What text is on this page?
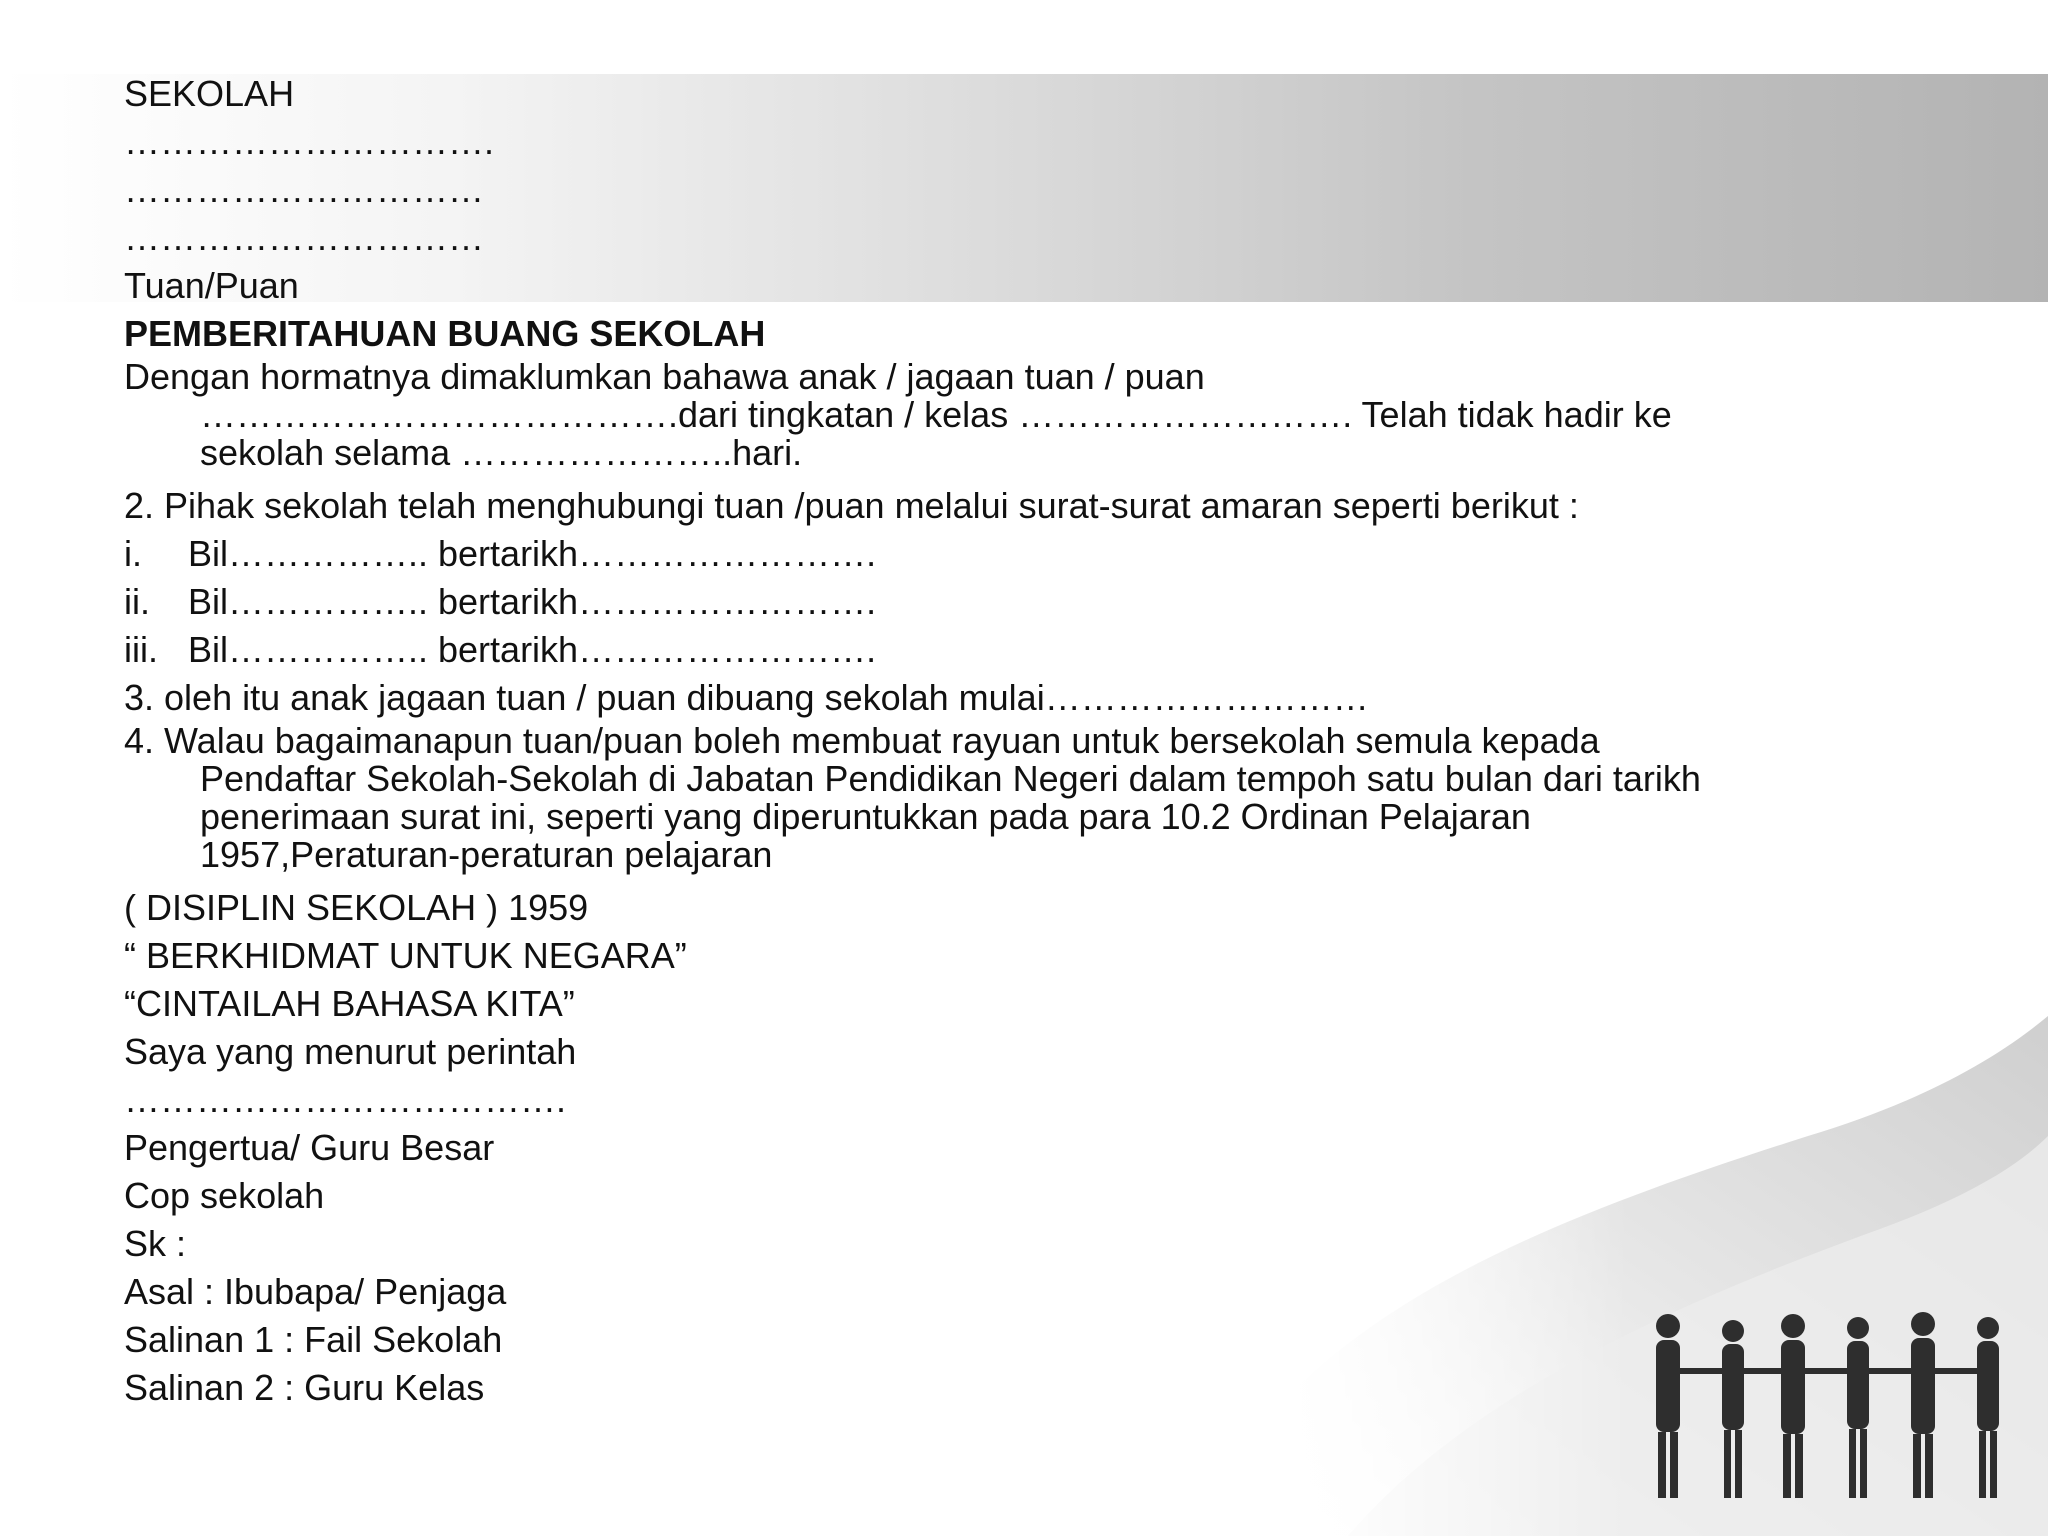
SEKOLAH
………………………….
…………………………
…………………………
Tuan/Puan
PEMBERITAHUAN BUANG SEKOLAH
Dengan hormatnya dimaklumkan bahawa anak / jagaan tuan / puan
………………………………….dari tingkatan / kelas ………………………. Telah tidak hadir ke
sekolah selama …………………..hari.
2. Pihak sekolah telah menghubungi tuan /puan melalui surat-surat amaran seperti berikut :
i. Bil…………….. bertarikh…………………….
ii. Bil…………….. bertarikh…………………….
iii. Bil…………….. bertarikh…………………….
3. oleh itu anak jagaan tuan / puan dibuang sekolah mulai………………………
4. Walau bagaimanapun tuan/puan boleh membuat rayuan untuk bersekolah semula kepada
Pendaftar Sekolah-Sekolah di Jabatan Pendidikan Negeri dalam tempoh satu bulan dari tarikh
penerimaan surat ini, seperti yang diperuntukkan pada para 10.2 Ordinan Pelajaran
1957,Peraturan-peraturan pelajaran
( DISIPLIN SEKOLAH ) 1959
“ BERKHIDMAT UNTUK NEGARA”
“CINTAILAH BAHASA KITA”
Saya yang menurut perintah
……………………………….
Pengertua/ Guru Besar
Cop sekolah
Sk :
Asal : Ibubapa/ Penjaga
Salinan 1 : Fail Sekolah
Salinan 2 : Guru Kelas
